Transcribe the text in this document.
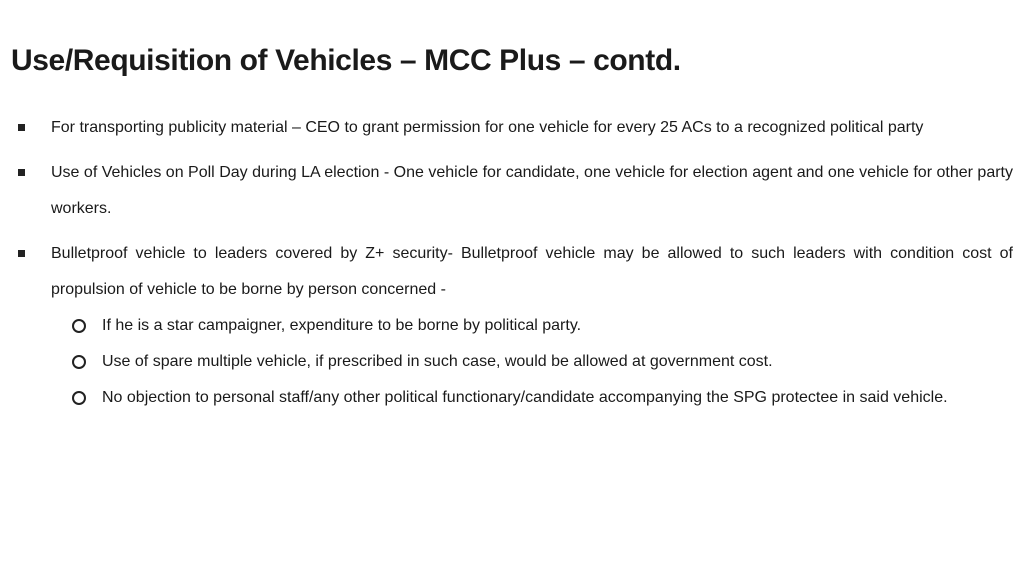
Use/Requisition of Vehicles – MCC Plus – contd.
For transporting publicity material – CEO to grant permission for one vehicle for every 25 ACs to a recognized political party
Use of Vehicles on Poll Day during LA election - One vehicle for candidate, one vehicle for election agent and one vehicle for other party workers.
Bulletproof vehicle to leaders covered by Z+ security- Bulletproof vehicle may be allowed to such leaders with condition cost of propulsion of vehicle to be borne by person concerned -
If he is a star campaigner, expenditure to be borne by political party.
Use of spare multiple vehicle, if prescribed in such case, would be allowed at government cost.
No objection to personal staff/any other political functionary/candidate accompanying the SPG protectee in said vehicle.
